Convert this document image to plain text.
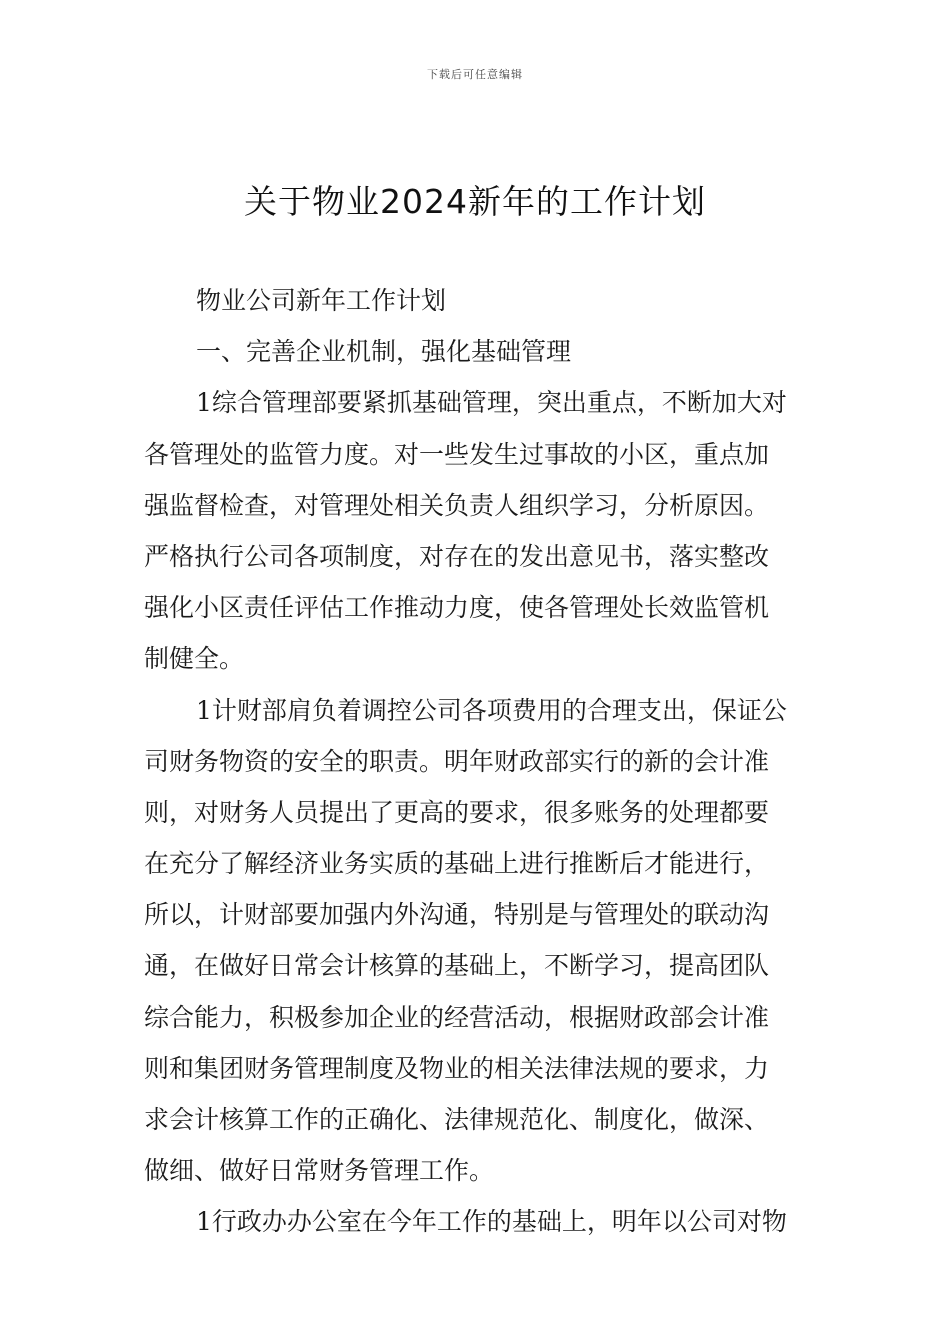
下载后可任意编辑
关于物业2024新年的工作计划
物业公司新年工作计划
一、完善企业机制，强化基础管理
1综合管理部要紧抓基础管理，突出重点，不断加大对
各管理处的监管力度。对一些发生过事故的小区，重点加
强监督检查，对管理处相关负责人组织学习，分析原因。
严格执行公司各项制度，对存在的发出意见书，落实整改
强化小区责任评估工作推动力度，使各管理处长效监管机
制健全。
1计财部肩负着调控公司各项费用的合理支出，保证公
司财务物资的安全的职责。明年财政部实行的新的会计准
则，对财务人员提出了更高的要求，很多账务的处理都要
在充分了解经济业务实质的基础上进行推断后才能进行，
所以，计财部要加强内外沟通，特别是与管理处的联动沟
通，在做好日常会计核算的基础上，不断学习，提高团队
综合能力，积极参加企业的经营活动，根据财政部会计准
则和集团财务管理制度及物业的相关法律法规的要求，力
求会计核算工作的正确化、法律规范化、制度化，做深、
做细、做好日常财务管理工作。
1行政办办公室在今年工作的基础上，明年以公司对物
